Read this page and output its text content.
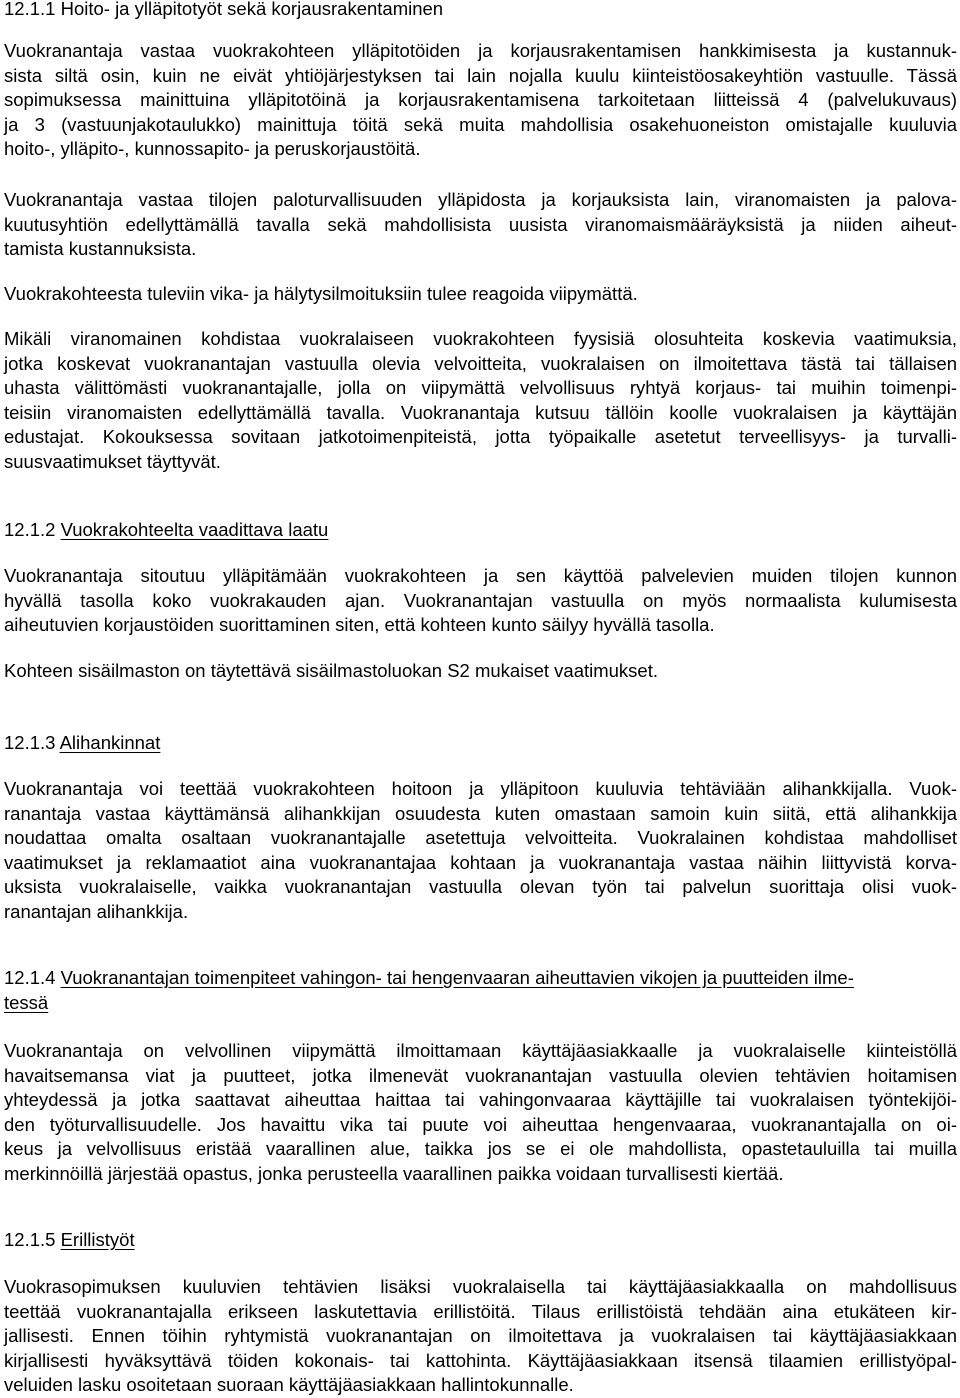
12.1.1 Hoito- ja ylläpitotyöt sekä korjausrakentaminen

Vuokranantaja vastaa vuokrakohteen ylläpitotöiden ja korjausrakentamisen hankkimisesta ja kustannuk-
sista siltä osin, kuin ne eivät yhtiöjärjestyksen tai lain nojalla kuulu kiinteistöosakeyhtiön vastuulle. Tässä
sopimuksessa mainittuina ylläpitotöinä ja korjausrakentamisena tarkoitetaan liitteissä 4 (palvelukuvaus)
ja 3 (vastuunjakotaulukko) mainittuja töitä sekä muita mahdollisia osakehuoneiston omistajalle kuuluvia
hoito-, ylläpito-, kunnossapito- ja peruskorjaustöitä.

Vuokranantaja vastaa tilojen paloturvallisuuden ylläpidosta ja korjauksista lain, viranomaisten ja palova-
kuutusyhtiön edellyttämällä tavalla sekä mahdollisista uusista viranomaismääräyksistä ja niiden aiheut-
tamista kustannuksista.

Vuokrakohteesta tuleviin vika- ja hälytysilmoituksiin tulee reagoida viipymättä.

Mikäli viranomainen kohdistaa vuokralaiseen vuokrakohteen fyysisiä olosuhteita koskevia vaatimuksia,
jotka koskevat vuokranantajan vastuulla olevia velvoitteita, vuokralaisen on ilmoitettava tästä tai tällaisen
uhasta välittömästi vuokranantajalle, jolla on viipymättä velvollisuus ryhtyä korjaus- tai muihin toimenpi-
teisiin viranomaisten edellyttämällä tavalla. Vuokranantaja kutsuu tällöin koolle vuokralaisen ja käyttäjän
edustajat. Kokouksessa sovitaan jatkotoimenpiteistä, jotta työpaikalle asetetut terveellisyys- ja turvalli-
suusvaatimukset täyttyvät.

12.1.2 Vuokrakohteelta vaadittava laatu

Vuokranantaja sitoutuu ylläpitämään vuokrakohteen ja sen käyttöä palvelevien muiden tilojen kunnon
hyvällä tasolla koko vuokrakauden ajan. Vuokranantajan vastuulla on myös normaalista kulumisesta
aiheutuvien korjaustöiden suorittaminen siten, että kohteen kunto säilyy hyvällä tasolla.

Kohteen sisäilmaston on täytettävä sisäilmastoluokan S2 mukaiset vaatimukset.

12.1.3 Alihankinnat

Vuokranantaja voi teettää vuokrakohteen hoitoon ja ylläpitoon kuuluvia tehtäviään alihankkijalla. Vuok-
ranantaja vastaa käyttämänsä alihankkijan osuudesta kuten omastaan samoin kuin siitä, että alihankkija
noudattaa omalta osaltaan vuokranantajalle asetettuja velvoitteita. Vuokralainen kohdistaa mahdolliset
vaatimukset ja reklamaatiot aina vuokranantajaa kohtaan ja vuokranantaja vastaa näihin liittyvistä korva-
uksista vuokralaiselle, vaikka vuokranantajan vastuulla olevan työn tai palvelun suorittaja olisi vuok-
ranantajan alihankkija.

12.1.4 Vuokranantajan toimenpiteet vahingon- tai hengenvaaran aiheuttavien vikojen ja puutteiden ilme-
tessä

Vuokranantaja on velvollinen viipymättä ilmoittamaan käyttäjäasiakkaalle ja vuokralaiselle kiinteistöllä
havaitsemansa viat ja puutteet, jotka ilmenevät vuokranantajan vastuulla olevien tehtävien hoitamisen
yhteydessä ja jotka saattavat aiheuttaa haittaa tai vahingonvaaraa käyttäjille tai vuokralaisen työntekijöi-
den työturvallisuudelle. Jos havaittu vika tai puute voi aiheuttaa hengenvaaraa, vuokranantajalla on oi-
keus ja velvollisuus eristää vaarallinen alue, taikka jos se ei ole mahdollista, opastetauluilla tai muilla
merkinnöillä järjestää opastus, jonka perusteella vaarallinen paikka voidaan turvallisesti kiertää.

12.1.5 Erillistyöt

Vuokrasopimuksen kuuluvien tehtävien lisäksi vuokralaisella tai käyttäjäasiakkaalla on mahdollisuus
teettää vuokranantajalla erikseen laskutettavia erillistöitä. Tilaus erillistöistä tehdään aina etukäteen kir-
jallisesti. Ennen töihin ryhtymistä vuokranantajan on ilmoitettava ja vuokralaisen tai käyttäjäasiakkaan
kirjallisesti hyväksyttävä töiden kokonais- tai kattohinta. Käyttäjäasiakkaan itsensä tilaamien erillistyöpal-
veluiden lasku osoitetaan suoraan käyttäjäasiakkaan hallintokunnalle.
